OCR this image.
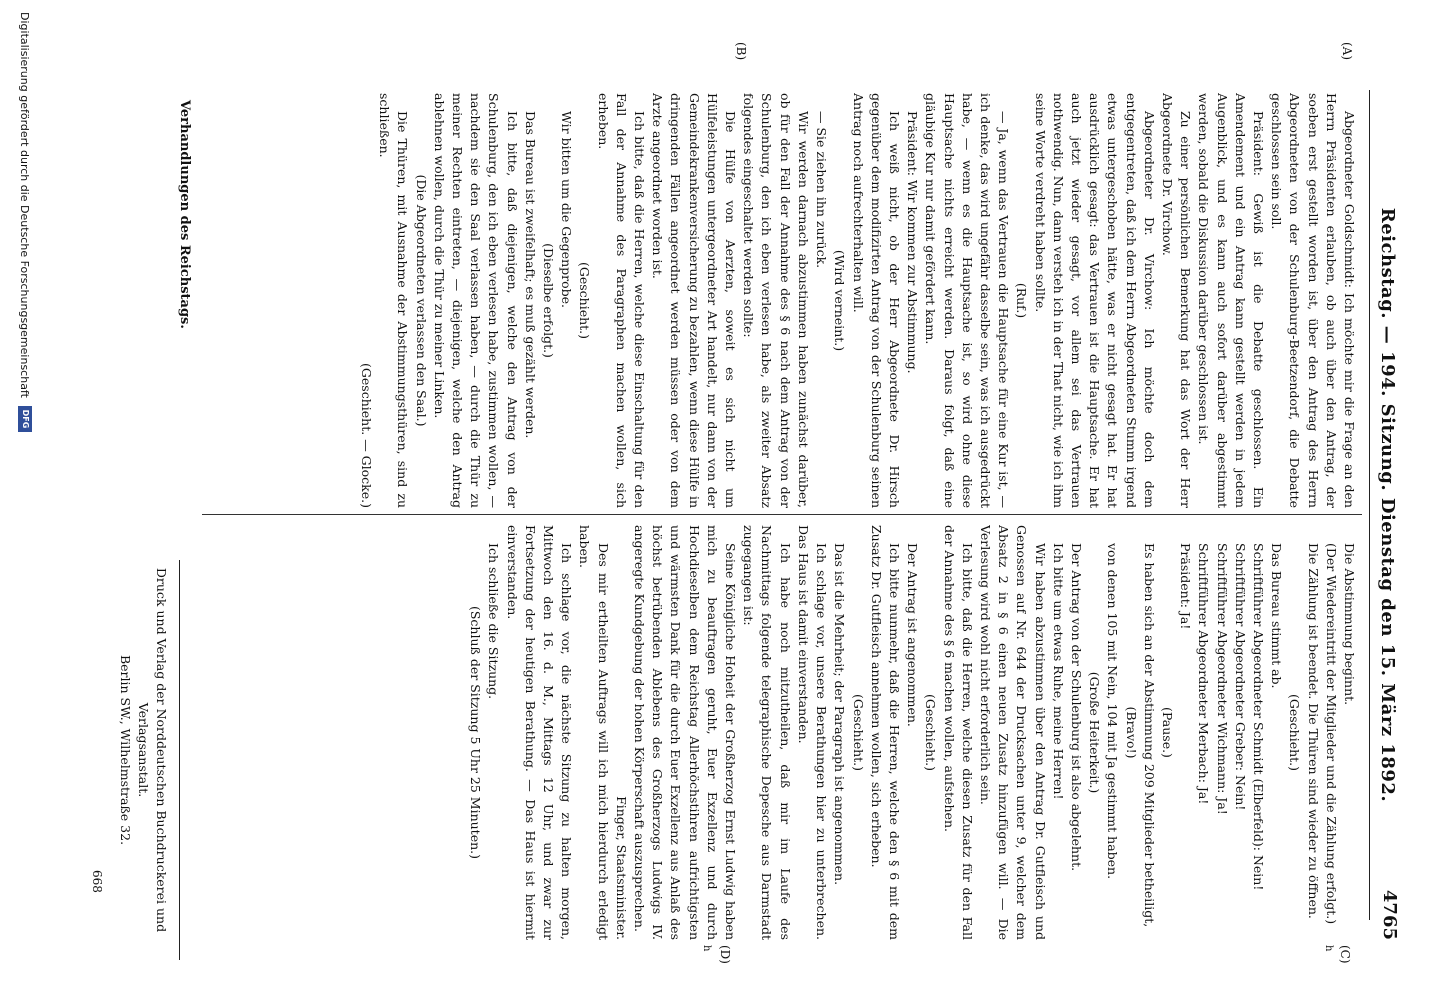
Reichstag. — 194. Sitzung. Dienstag den 15. März 1892.
4765
(A)
(B)
(C)
(D)	h
h

Abgeordneter Goldschmidt: Ich möchte mir die Frage an den Herrn Präsidenten erlauben, ob auch über den Antrag, der soeben erst gestellt worden ist, über den Antrag des Herrn Abgeordneten von der Schulenburg-Beetzendorf, die Debatte geschlossen sein soll.

Präsident: Gewiß ist die Debatte geschlossen. Ein Amendement und ein Antrag kann gestellt werden in jedem Augenblick, und es kann auch sofort darüber abgestimmt werden, sobald die Diskussion darüber geschlossen ist.

Zu einer persönlichen Bemerkung hat das Wort der Herr Abgeordnete Dr. Virchow.

Abgeordneter Dr. Virchow: Ich möchte doch dem entgegentreten, daß ich dem Herrn Abgeordneten Stumm irgend etwas untergeschoben hätte, was er nicht gesagt hat. Er hat ausdrücklich gesagt: das Vertrauen ist die Hauptsache. Er hat auch jetzt wieder gesagt, vor allem sei das Vertrauen nothwendig. Nun, dann versteh ich in der That nicht, wie ich ihm seine Worte verdreht haben sollte.

(Ruf.)

— Ja, wenn das Vertrauen die Hauptsache für eine Kur ist, — ich denke, das wird ungefähr dasselbe sein, was ich ausgedrückt habe, — wenn es die Hauptsache ist, so wird ohne diese Hauptsache nichts erreicht werden. Daraus folgt, daß eine gläubige Kur nur damit gefördert kann.

Präsident: Wir kommen zur Abstimmung.

Ich weiß nicht, ob der Herr Abgeordnete Dr. Hirsch gegenüber dem modifizirten Antrag von der Schulenburg seinen Antrag noch aufrechterhalten will.

(Wird verneint.)

— Sie ziehen ihn zurück.

Wir werden darnach abzustimmen haben zunächst darüber, ob für den Fall der Annahme des § 6 nach dem Antrag von der Schulenburg, den ich eben verlesen habe, als zweiter Absatz folgendes eingeschaltet werden sollte:

Die Hülfe von Aerzten, soweit es sich nicht um Hülfeleistungen untergeordneter Art handelt, nur dann von der Gemeindekrankenversicherung zu bezahlen, wenn diese Hülfe in dringenden Fällen angeordnet werden müssen oder von dem Arzte angeordnet worden ist.

Ich bitte, daß die Herren, welche diese Einschaltung für den Fall der Annahme des Paragraphen machen wollen, sich erheben.

(Geschieht.)

Wir bitten um die Gegenprobe.

(Dieselbe erfolgt.)

Das Bureau ist zweifelhaft; es muß gezählt werden.

Ich bitte, daß diejenigen, welche den Antrag von der Schulenburg, den ich eben verlesen habe, zustimmen wollen, — nachdem sie den Saal verlassen haben, — durch die Thür zu meiner Rechten eintreten, — diejenigen, welche den Antrag ablehnen wollen, durch die Thür zu meiner Linken.

(Die Abgeordneten verlassen den Saal.)

Die Thüren, mit Ausnahme der Abstimmungsthüren, sind zu schließen.

(Geschieht. — Glocke.)

Die Abstimmung beginnt.

(Der Wiedereintritt der Mitglieder und die Zählung erfolgt.)

Die Zählung ist beendet. Die Thüren sind wieder zu öffnen.

(Geschieht.)

Das Bureau stimmt ab.

Schriftführer Abgeordneter Schmidt (Elberfeld): Nein!

Schriftführer Abgeordneter Greber: Nein!

Schriftführer Abgeordneter Wichmann: Ja!

Schriftführer Abgeordneter Merbach: Ja!

Präsident: Ja!

(Pause.)

Es haben sich an der Abstimmung 209 Mitglieder betheiligt,

(Bravo!)

von denen 105 mit Nein, 104 mit Ja gestimmt haben.

(Große Heiterkeit.)

Der Antrag von der Schulenburg ist also abgelehnt.

Ich bitte um etwas Ruhe, meine Herren!

Wir haben abzustimmen über den Antrag Dr. Gutfleisch und Genossen auf Nr. 644 der Drucksachen unter 9, welcher dem Absatz 2 in § 6 einen neuen Zusatz hinzufügen will. — Die Verlesung wird wohl nicht erforderlich sein.

Ich bitte, daß die Herren, welche diesen Zusatz für den Fall der Annahme des § 6 machen wollen, aufstehen.

(Geschieht.)

Der Antrag ist angenommen.

Ich bitte nunmehr, daß die Herren, welche den § 6 mit dem Zusatz Dr. Gutfleisch annehmen wollen, sich erheben.

(Geschieht.)

Das ist die Mehrheit; der Paragraph ist angenommen.

Ich schlage vor, unsere Berathungen hier zu unterbrechen. Das Haus ist damit einverstanden.

Ich habe noch mitzutheilen, daß mir im Laufe des Nachmittags folgende telegraphische Depesche aus Darmstadt zugegangen ist:

Seine Königliche Hoheit der Großherzog Ernst Ludwig haben mich zu beauftragen geruht, Euer Exzellenz und durch Hochdieselben dem Reichstag Allerhöchstihren aufrichtigsten und wärmsten Dank für die durch Euer Exzellenz aus Anlaß des höchst betrübenden Ablebens des Großherzogs Ludwigs IV. angeregte Kundgebung der hohen Körperschaft auszusprechen.

Finger, Staatsminister.

Des mir ertheilten Auftrags will ich mich hierdurch erledigt haben.

Ich schlage vor, die nächste Sitzung zu halten morgen, Mittwoch den 16. d. M., Mittags 12 Uhr, und zwar zur Fortsetzung der heutigen Berathung. — Das Haus ist hiermit einverstanden.

Ich schließe die Sitzung.

(Schluß der Sitzung 5 Uhr 25 Minuten.)

Verhandlungen des Reichstags.
Druck und Verlag der Norddeutschen Buchdruckerei und Verlagsanstalt.
Berlin SW., Wilhelmstraße 32.
668
Digitalisierung gefördert durch die Deutsche Forschungsgemeinschaft
DFG
